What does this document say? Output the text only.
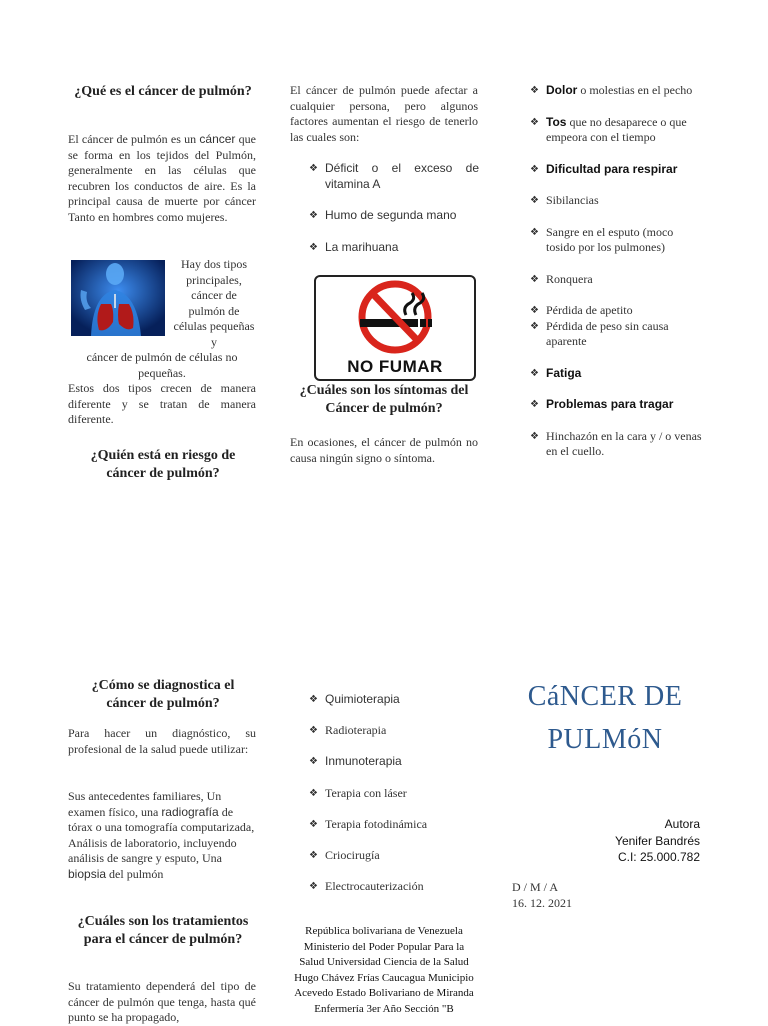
¿Qué es el cáncer de pulmón?
El cáncer de pulmón es un cáncer que se forma en los tejidos del Pulmón, generalmente en las células que recubren los conductos de aire. Es la principal causa de muerte por cáncer Tanto en hombres como mujeres.
Hay dos tipos principales, cáncer de pulmón de células pequeñas y
cáncer de pulmón de células no pequeñas.
Estos dos tipos crecen de manera diferente y se tratan de manera diferente.
¿Quién está en riesgo de cáncer de pulmón?
El cáncer de pulmón puede afectar a cualquier persona, pero algunos factores aumentan el riesgo de tenerlo las cuales son:
❖ Déficit o el exceso de vitamina A
❖ Humo de segunda mano
❖ La marihuana
NO FUMAR
¿Cuáles son los síntomas del Cáncer de pulmón?
En ocasiones, el cáncer de pulmón no causa ningún signo o síntoma.
❖ Dolor o molestias en el pecho
❖ Tos que no desaparece o que empeora con el tiempo
❖ Dificultad para respirar
❖ Sibilancias
❖ Sangre en el esputo (moco tosido por los pulmones)
❖ Ronquera
❖ Pérdida de apetito
❖ Pérdida de peso sin causa aparente
❖ Fatiga
❖ Problemas para tragar
❖ Hinchazón en la cara y / o venas en el cuello.
¿Cómo se diagnostica el cáncer de pulmón?
Para hacer un diagnóstico, su profesional de la salud puede utilizar:
Sus antecedentes familiares, Un examen físico, una radiografía de tórax o una tomografía computarizada, Análisis de laboratorio, incluyendo análisis de sangre y esputo, Una biopsia del pulmón
¿Cuáles son los tratamientos para el cáncer de pulmón?
Su tratamiento dependerá del tipo de cáncer de pulmón que tenga, hasta qué punto se ha propagado,
❖ Quimioterapia
❖ Radioterapia
❖ Inmunoterapia
❖ Terapia con láser
❖ Terapia fotodinámica
❖ Criocirugía
❖ Electrocauterización
República bolivariana de Venezuela Ministerio del Poder Popular Para la Salud Universidad Ciencia de la Salud Hugo Chávez Frías Caucagua Municipio Acevedo Estado Bolivariano de Miranda Enfermería 3er Año Sección "B
CáNCER DE
PULMóN
Autora
Yenifer Bandrés
C.I: 25.000.782
D / M / A
16. 12. 2021
